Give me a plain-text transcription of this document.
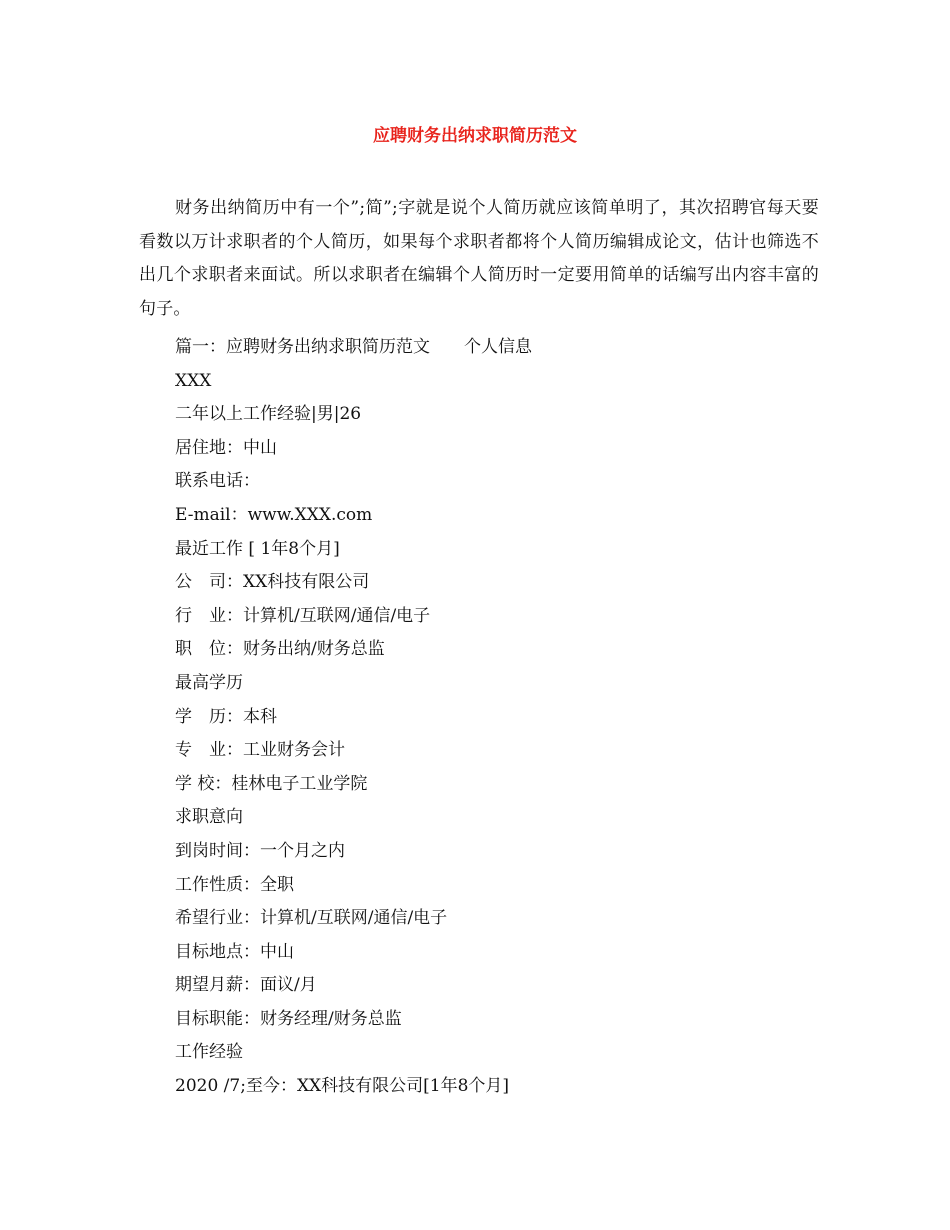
应聘财务出纳求职简历范文

财务出纳简历中有一个”;简”;字就是说个人简历就应该简单明了，其次招聘官每天要看数以万计求职者的个人简历，如果每个求职者都将个人简历编辑成论文，估计也筛选不出几个求职者来面试。所以求职者在编辑个人简历时一定要用简单的话编写出内容丰富的句子。

篇一：应聘财务出纳求职简历范文　　个人信息
XXX
二年以上工作经验|男|26
居住地：中山
联系电话：
E-mail：www.XXX.com
最近工作 [ 1年8个月]
公　司：XX科技有限公司
行　业：计算机/互联网/通信/电子
职　位：财务出纳/财务总监
最高学历
学　历：本科
专　业：工业财务会计
学 校：桂林电子工业学院
求职意向
到岗时间：一个月之内
工作性质：全职
希望行业：计算机/互联网/通信/电子
目标地点：中山
期望月薪：面议/月
目标职能：财务经理/财务总监
工作经验
2020 /7;至今：XX科技有限公司[1年8个月]
